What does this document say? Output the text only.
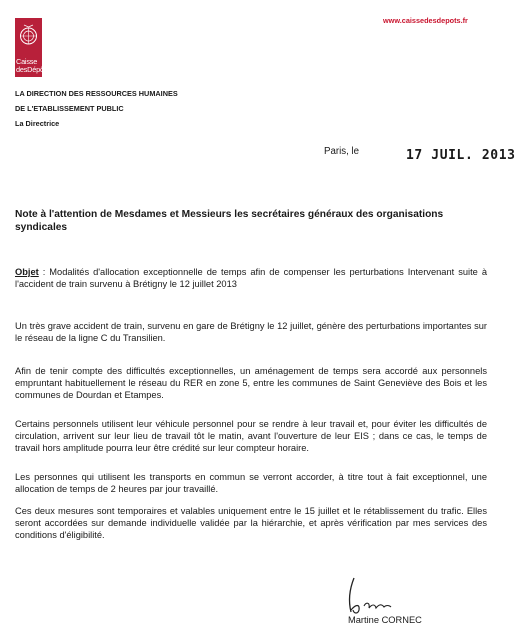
Caisse
desDépôts
www.caissedesdepots.fr
LA DIRECTION DES RESSOURCES HUMAINES
DE L'ETABLISSEMENT PUBLIC
La Directrice
Paris, le	17 JUIL. 2013
Note à l'attention de Mesdames et Messieurs les secrétaires généraux des organisations syndicales
Objet : Modalités d'allocation exceptionnelle de temps afin de compenser les perturbations Intervenant suite à l'accident de train survenu à Brétigny le 12 juillet 2013
Un très grave accident de train, survenu en gare de Brétigny le 12 juillet, génère des perturbations importantes sur le réseau de la ligne C du Transilien.
Afin de tenir compte des difficultés exceptionnelles, un aménagement de temps sera accordé aux personnels empruntant habituellement le réseau du RER en zone 5, entre les communes de Saint Geneviève des Bois et les communes de Dourdan et Etampes.
Certains personnels utilisent leur véhicule personnel pour se rendre à leur travail et, pour éviter les difficultés de circulation, arrivent sur leur lieu de travail tôt le matin, avant l'ouverture de leur EIS ; dans ce cas, le temps de travail hors amplitude pourra leur être crédité sur leur compteur horaire.
Les personnes qui utilisent les transports en commun se verront accorder, à titre tout à fait exceptionnel, une allocation de temps de 2 heures par jour travaillé.
Ces deux mesures sont temporaires et valables uniquement entre le 15 juillet et le rétablissement du trafic. Elles seront accordées sur demande individuelle validée par la hiérarchie, et après vérification par mes services des conditions d'éligibilité.
Martine CORNEC
